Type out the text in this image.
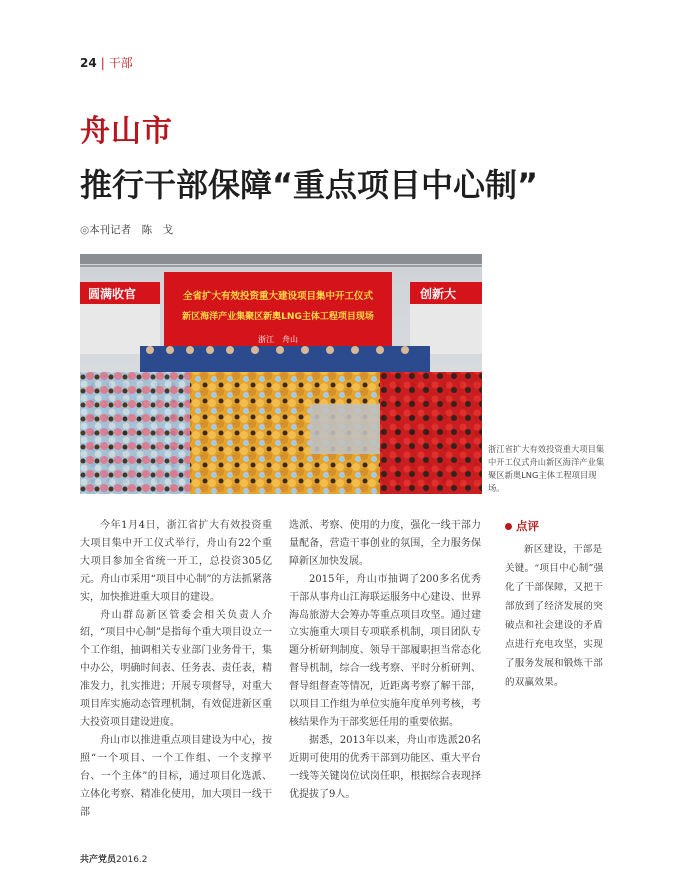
24 | 干部
舟山市
推行干部保障“重点项目中心制”
◎本刊记者　陈　戈
圆满收官	创新大
全省扩大有效投资重大建设项目集中开工仪式
新区海洋产业集聚区新奥LNG主体工程项目现场
浙江　舟山
浙江省扩大有效投资重大项目集中开工仪式舟山新区海洋产业集聚区新奥LNG主体工程项目现场。

今年1月4日，浙江省扩大有效投资重大项目集中开工仪式举行，舟山有22个重大项目参加全省统一开工，总投资305亿元。舟山市采用“项目中心制”的方法抓紧落实，加快推进重大项目的建设。

舟山群岛新区管委会相关负责人介绍，“项目中心制”是指每个重大项目设立一个工作组，抽调相关专业部门业务骨干，集中办公，明确时间表、任务表、责任表，精准发力，扎实推进；开展专项督导，对重大项目库实施动态管理机制，有效促进新区重大投资项目建设进度。

舟山市以推进重点项目建设为中心，按照“一个项目、一个工作组、一个支撑平台、一个主体”的目标，通过项目化选派、立体化考察、精准化使用，加大项目一线干部

选派、考察、使用的力度，强化一线干部力量配备，营造干事创业的氛围，全力服务保障新区加快发展。

2015年，舟山市抽调了200多名优秀干部从事舟山江海联运服务中心建设、世界海岛旅游大会筹办等重点项目攻坚。通过建立实施重大项目专项联系机制，项目团队专题分析研判制度、领导干部履职担当常态化督导机制，综合一线考察、平时分析研判、督导组督查等情况，近距离考察了解干部，以项目工作组为单位实施年度单列考核，考核结果作为干部奖惩任用的重要依据。

据悉，2013年以来，舟山市选派20名近期可使用的优秀干部到功能区、重大平台一线等关键岗位试岗任职，根据综合表现择优提拔了9人。

点评
新区建设，干部是关键。“项目中心制”强化了干部保障，又把干部放到了经济发展的突破点和社会建设的矛盾点进行充电攻坚，实现了服务发展和锻炼干部的双赢效果。
共产党员2016.2
